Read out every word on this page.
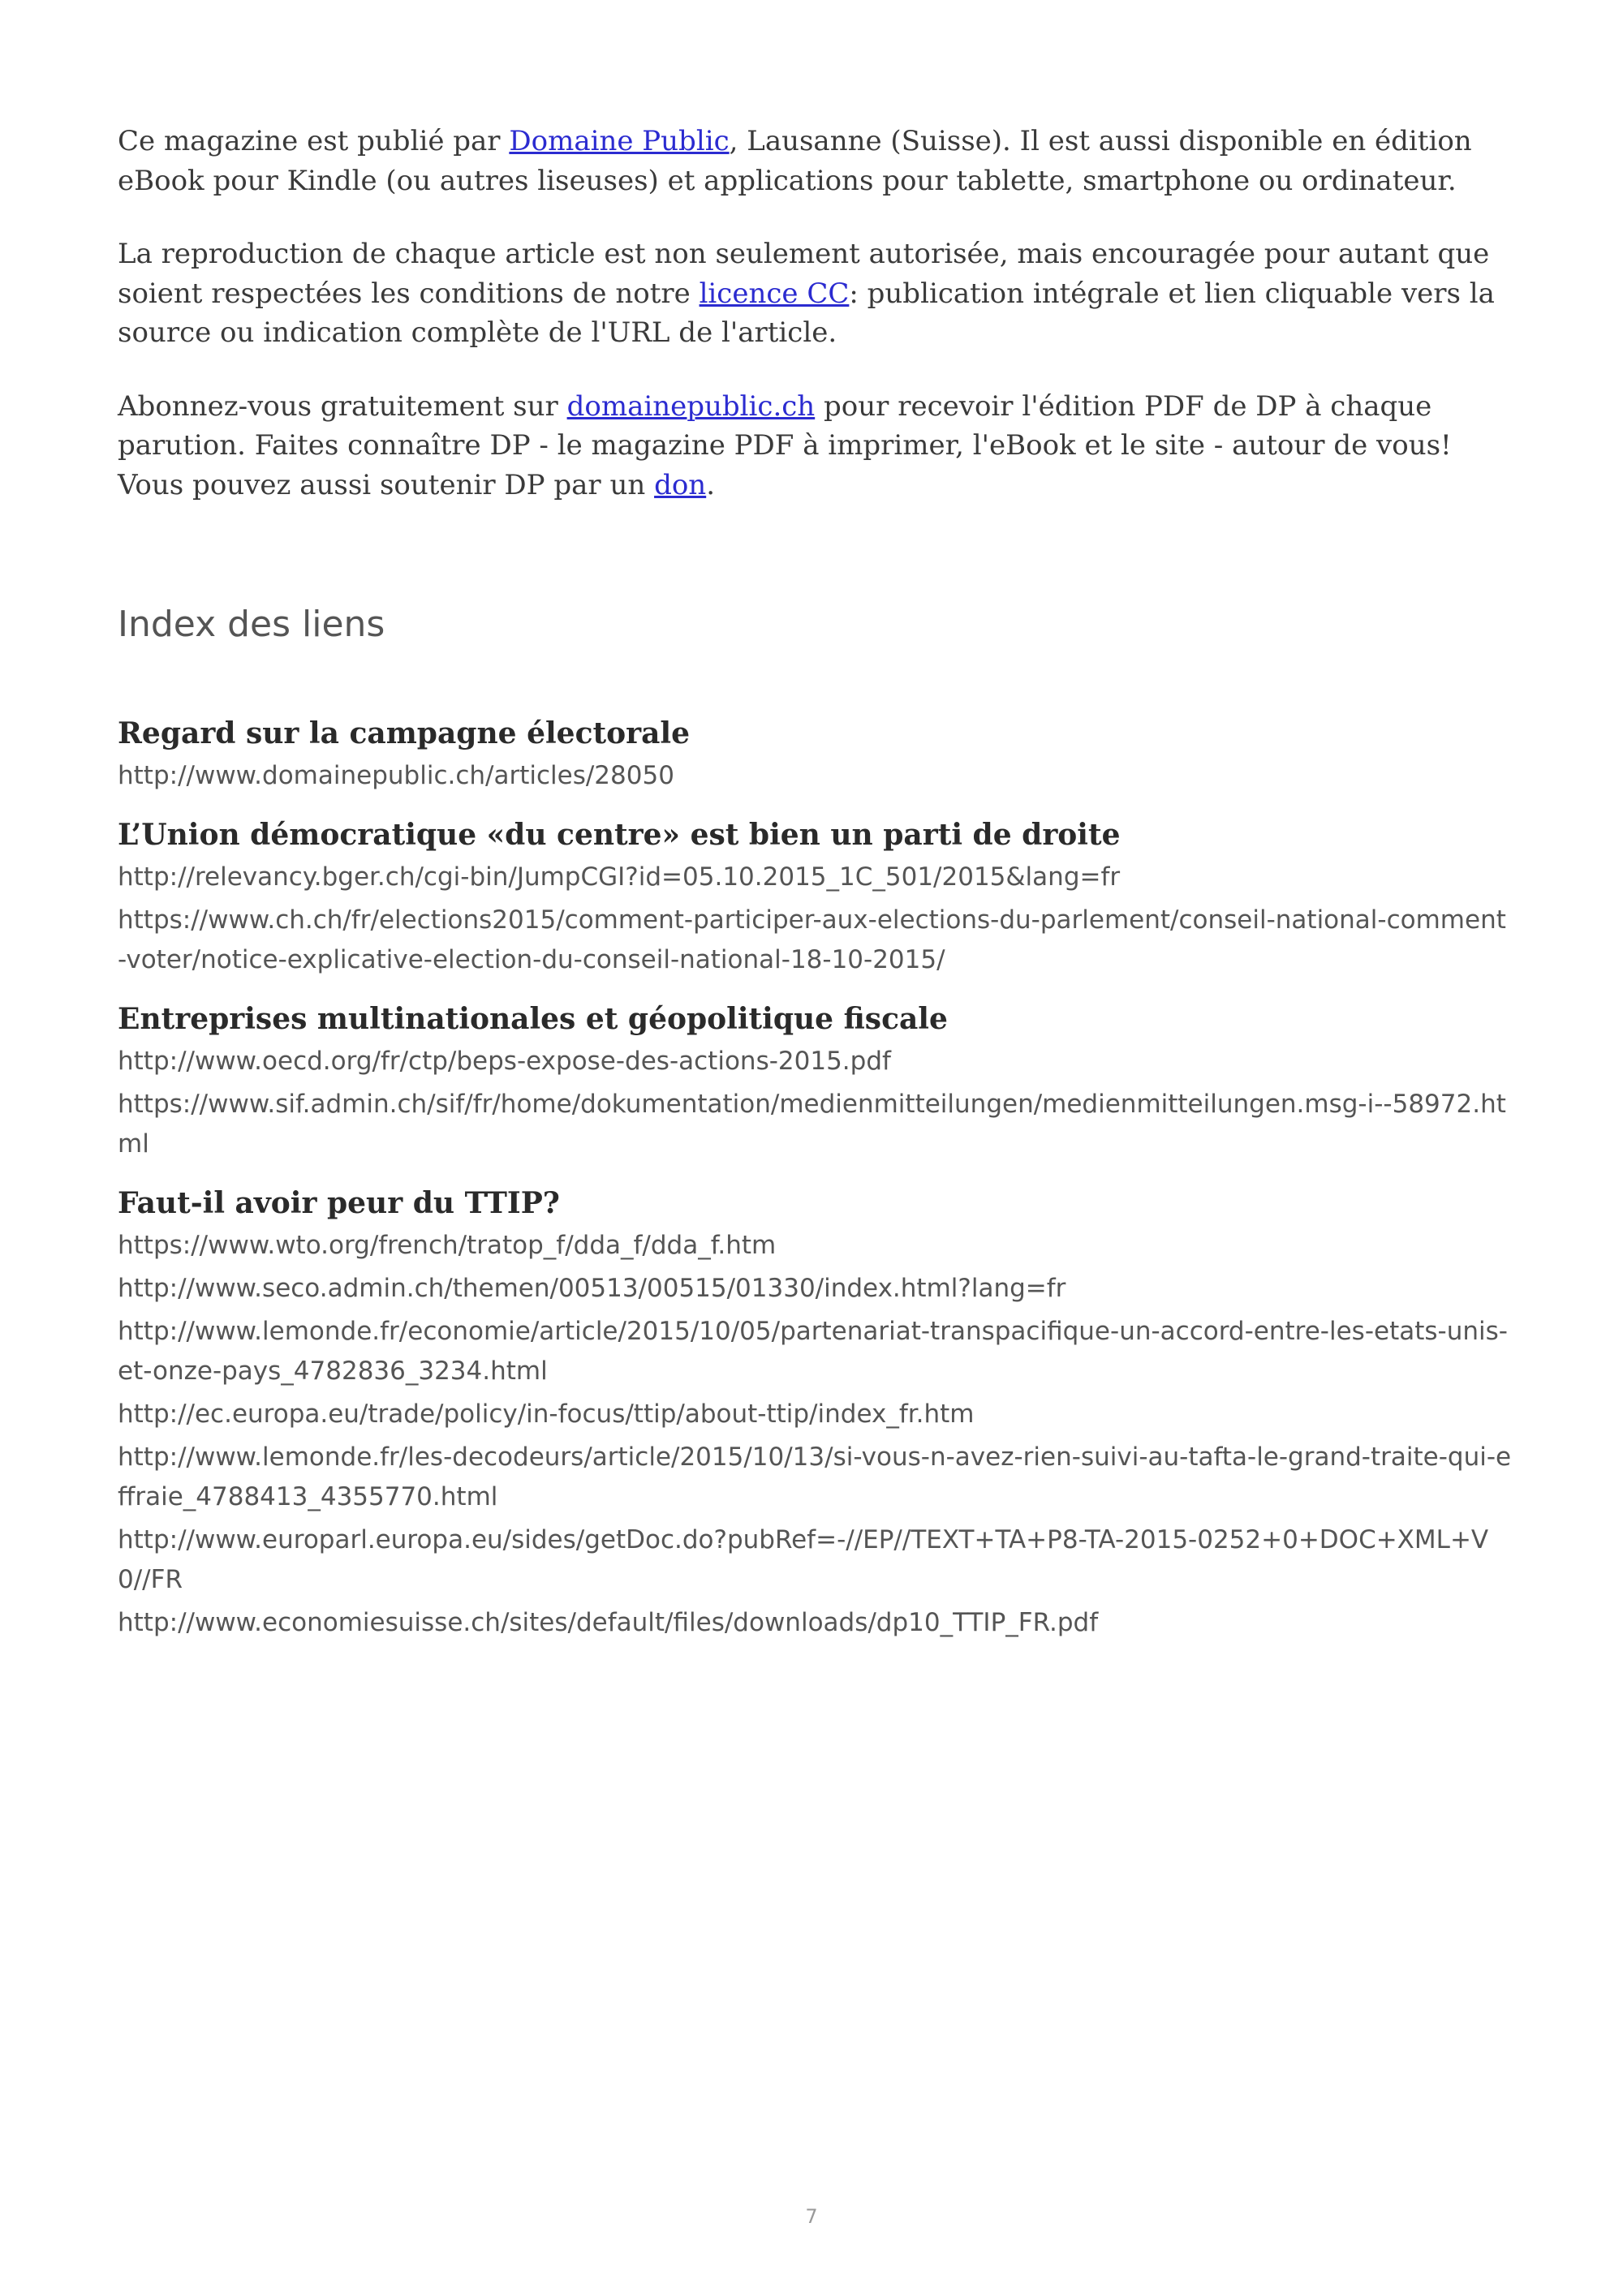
Ce magazine est publié par Domaine Public, Lausanne (Suisse). Il est aussi disponible en édition eBook pour Kindle (ou autres liseuses) et applications pour tablette, smartphone ou ordinateur.

La reproduction de chaque article est non seulement autorisée, mais encouragée pour autant que soient respectées les conditions de notre licence CC: publication intégrale et lien cliquable vers la source ou indication complète de l'URL de l'article.

Abonnez-vous gratuitement sur domainepublic.ch pour recevoir l'édition PDF de DP à chaque parution. Faites connaître DP - le magazine PDF à imprimer, l'eBook et le site - autour de vous! Vous pouvez aussi soutenir DP par un don.

Index des liens
Regard sur la campagne électorale
http://www.domainepublic.ch/articles/28050
L’Union démocratique «du centre» est bien un parti de droite
http://relevancy.bger.ch/cgi-bin/JumpCGI?id=05.10.2015_1C_501/2015&lang=fr
https://www.ch.ch/fr/elections2015/comment-participer-aux-elections-du-parlement/conseil-national-comment-voter/notice-explicative-election-du-conseil-national-18-10-2015/
Entreprises multinationales et géopolitique fiscale
http://www.oecd.org/fr/ctp/beps-expose-des-actions-2015.pdf
https://www.sif.admin.ch/sif/fr/home/dokumentation/medienmitteilungen/medienmitteilungen.msg-i--58972.html
Faut-il avoir peur du TTIP?
https://www.wto.org/french/tratop_f/dda_f/dda_f.htm
http://www.seco.admin.ch/themen/00513/00515/01330/index.html?lang=fr
http://www.lemonde.fr/economie/article/2015/10/05/partenariat-transpacifique-un-accord-entre-les-etats-unis-et-onze-pays_4782836_3234.html
http://ec.europa.eu/trade/policy/in-focus/ttip/about-ttip/index_fr.htm
http://www.lemonde.fr/les-decodeurs/article/2015/10/13/si-vous-n-avez-rien-suivi-au-tafta-le-grand-traite-qui-effraie_4788413_4355770.html
http://www.europarl.europa.eu/sides/getDoc.do?pubRef=-//EP//TEXT+TA+P8-TA-2015-0252+0+DOC+XML+V0//FR
http://www.economiesuisse.ch/sites/default/files/downloads/dp10_TTIP_FR.pdf
7
